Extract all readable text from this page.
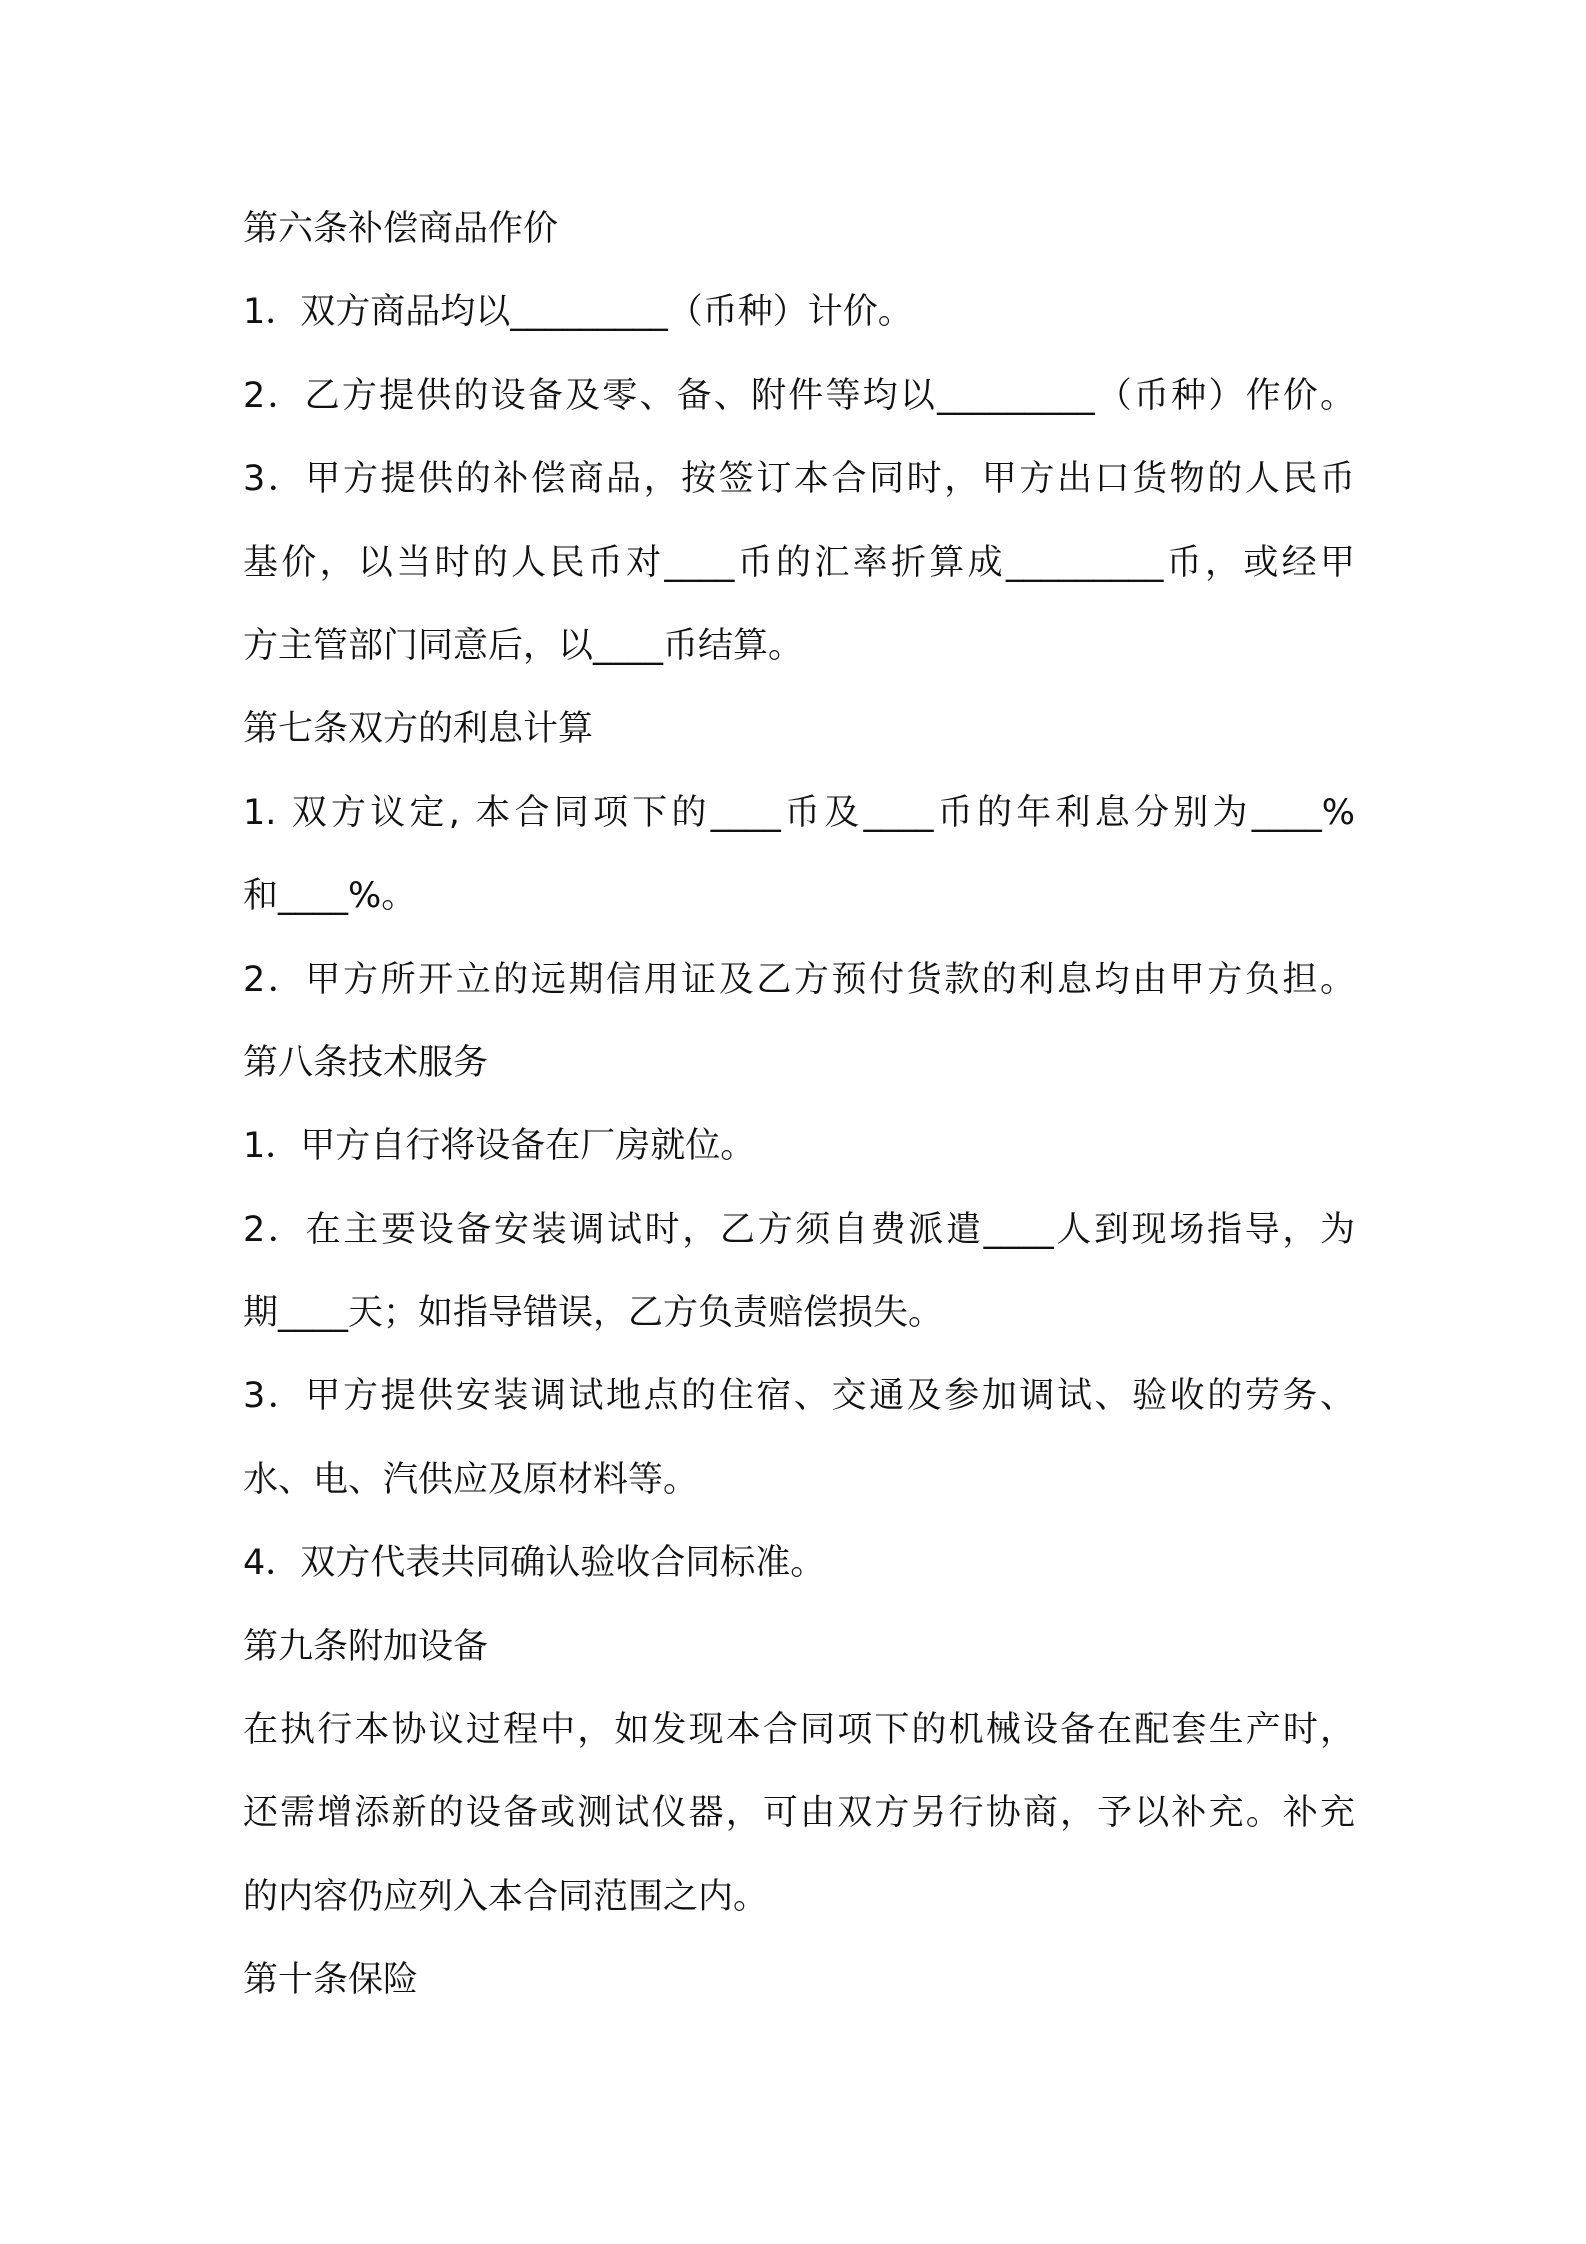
第六条补偿商品作价
1．双方商品均以_________（币种）计价。
2．乙方提供的设备及零、备、附件等均以_________（币种）作价。
3．甲方提供的补偿商品，按签订本合同时，甲方出口货物的人民币
基价，以当时的人民币对____币的汇率折算成_________币，或经甲
方主管部门同意后，以____币结算。
第七条双方的利息计算
1. 双方议定, 本合同项下的____币及____币的年利息分别为____%
和____%。
2．甲方所开立的远期信用证及乙方预付货款的利息均由甲方负担。
第八条技术服务
1．甲方自行将设备在厂房就位。
2．在主要设备安装调试时，乙方须自费派遣____人到现场指导，为
期____天；如指导错误，乙方负责赔偿损失。
3．甲方提供安装调试地点的住宿、交通及参加调试、验收的劳务、
水、电、汽供应及原材料等。
4．双方代表共同确认验收合同标准。
第九条附加设备
在执行本协议过程中，如发现本合同项下的机械设备在配套生产时，
还需增添新的设备或测试仪器，可由双方另行协商，予以补充。补充
的内容仍应列入本合同范围之内。
第十条保险
